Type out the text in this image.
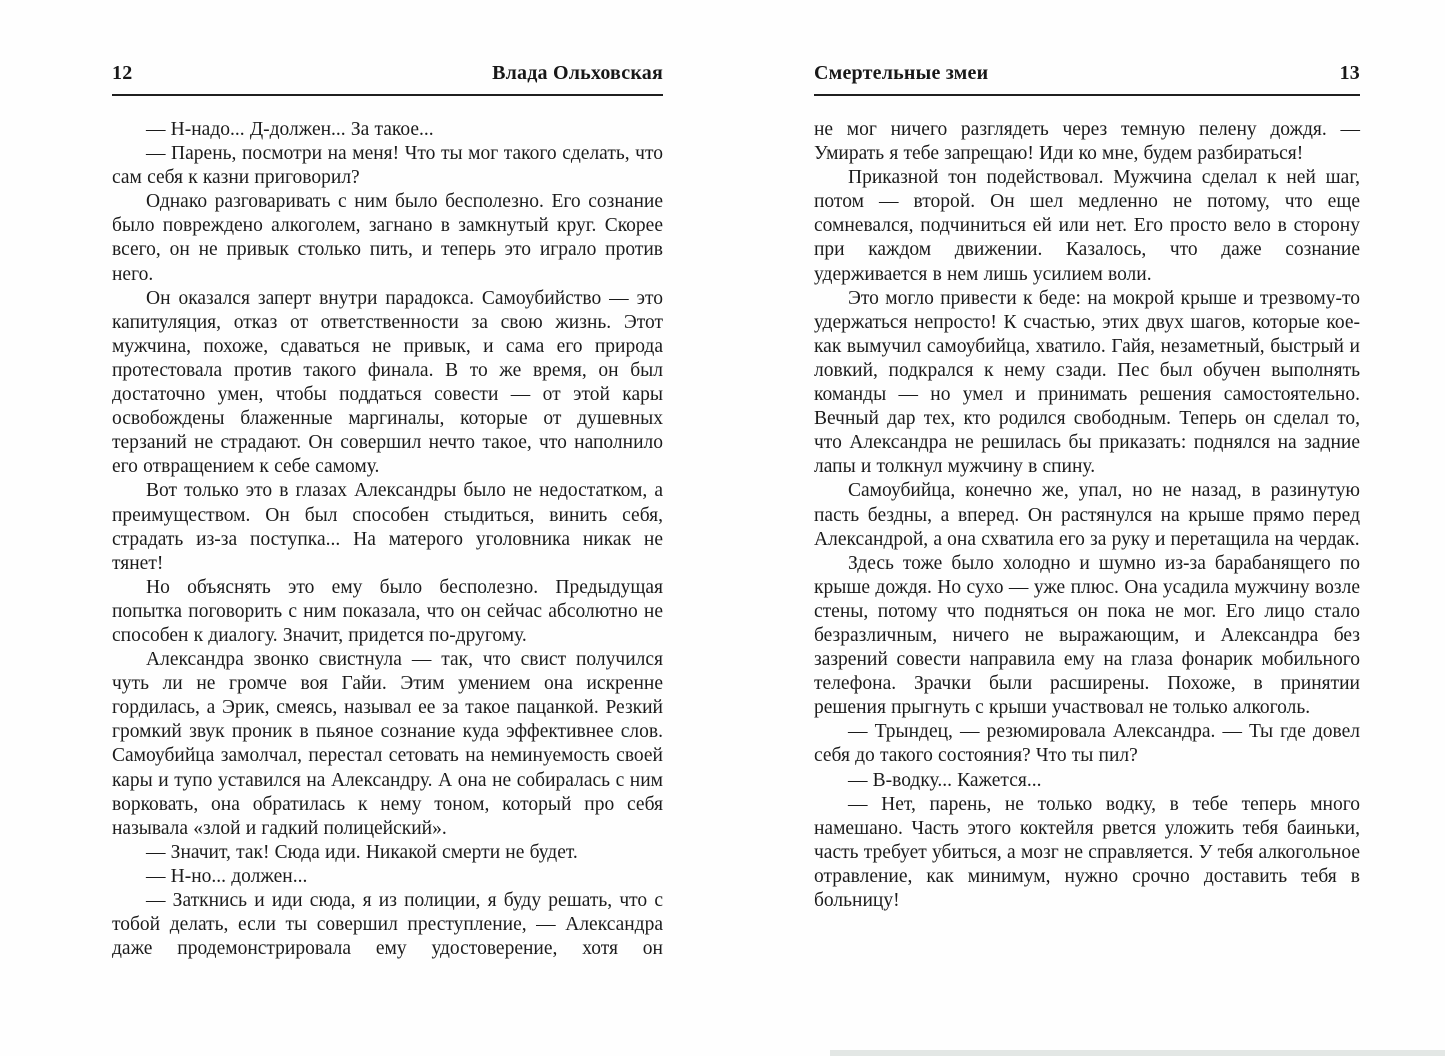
12	Влада Ольховская

— Н-надо... Д-должен... За такое...

— Парень, посмотри на меня! Что ты мог такого сделать, что сам себя к казни приговорил?

Однако разговаривать с ним было бесполезно. Его сознание было повреждено алкоголем, загнано в замкнутый круг. Скорее всего, он не привык столько пить, и теперь это играло против него.

Он оказался заперт внутри парадокса. Самоубийство — это капитуляция, отказ от ответственности за свою жизнь. Этот мужчина, похоже, сдаваться не привык, и сама его природа протестовала против такого финала. В то же время, он был достаточно умен, чтобы поддаться совести — от этой кары освобождены блаженные маргиналы, которые от душевных терзаний не страдают. Он совершил нечто такое, что наполнило его отвращением к себе самому.

Вот только это в глазах Александры было не недостатком, а преимуществом. Он был способен стыдиться, винить себя, страдать из-за поступка... На матерого уголовника никак не тянет!

Но объяснять это ему было бесполезно. Предыдущая попытка поговорить с ним показала, что он сейчас абсолютно не способен к диалогу. Значит, придется по-другому.

Александра звонко свистнула — так, что свист получился чуть ли не громче воя Гайи. Этим умением она искренне гордилась, а Эрик, смеясь, называл ее за такое пацанкой. Резкий громкий звук проник в пьяное сознание куда эффективнее слов. Самоубийца замолчал, перестал сетовать на неминуемость своей кары и тупо уставился на Александру. А она не собиралась с ним ворковать, она обратилась к нему тоном, который про себя называла «злой и гадкий полицейский».

— Значит, так! Сюда иди. Никакой смерти не будет.

— Н-но... должен...

— Заткнись и иди сюда, я из полиции, я буду решать, что с тобой делать, если ты совершил преступление, — Александра даже продемонстрировала ему удостоверение, хотя он

Смертельные змеи	13

не мог ничего разглядеть через темную пелену дождя. — Умирать я тебе запрещаю! Иди ко мне, будем разбираться!

Приказной тон подействовал. Мужчина сделал к ней шаг, потом — второй. Он шел медленно не потому, что еще сомневался, подчиниться ей или нет. Его просто вело в сторону при каждом движении. Казалось, что даже сознание удерживается в нем лишь усилием воли.

Это могло привести к беде: на мокрой крыше и трезвому-то удержаться непросто! К счастью, этих двух шагов, которые кое-как вымучил самоубийца, хватило. Гайя, незаметный, быстрый и ловкий, подкрался к нему сзади. Пес был обучен выполнять команды — но умел и принимать решения самостоятельно. Вечный дар тех, кто родился свободным. Теперь он сделал то, что Александра не решилась бы приказать: поднялся на задние лапы и толкнул мужчину в спину.

Самоубийца, конечно же, упал, но не назад, в разинутую пасть бездны, а вперед. Он растянулся на крыше прямо перед Александрой, а она схватила его за руку и перетащила на чердак.

Здесь тоже было холодно и шумно из-за барабанящего по крыше дождя. Но сухо — уже плюс. Она усадила мужчину возле стены, потому что подняться он пока не мог. Его лицо стало безразличным, ничего не выражающим, и Александра без зазрений совести направила ему на глаза фонарик мобильного телефона. Зрачки были расширены. Похоже, в принятии решения прыгнуть с крыши участвовал не только алкоголь.

— Трындец, — резюмировала Александра. — Ты где довел себя до такого состояния? Что ты пил?

— В-водку... Кажется...

— Нет, парень, не только водку, в тебе теперь много намешано. Часть этого коктейля рвется уложить тебя баиньки, часть требует убиться, а мозг не справляется. У тебя алкогольное отравление, как минимум, нужно срочно доставить тебя в больницу!
